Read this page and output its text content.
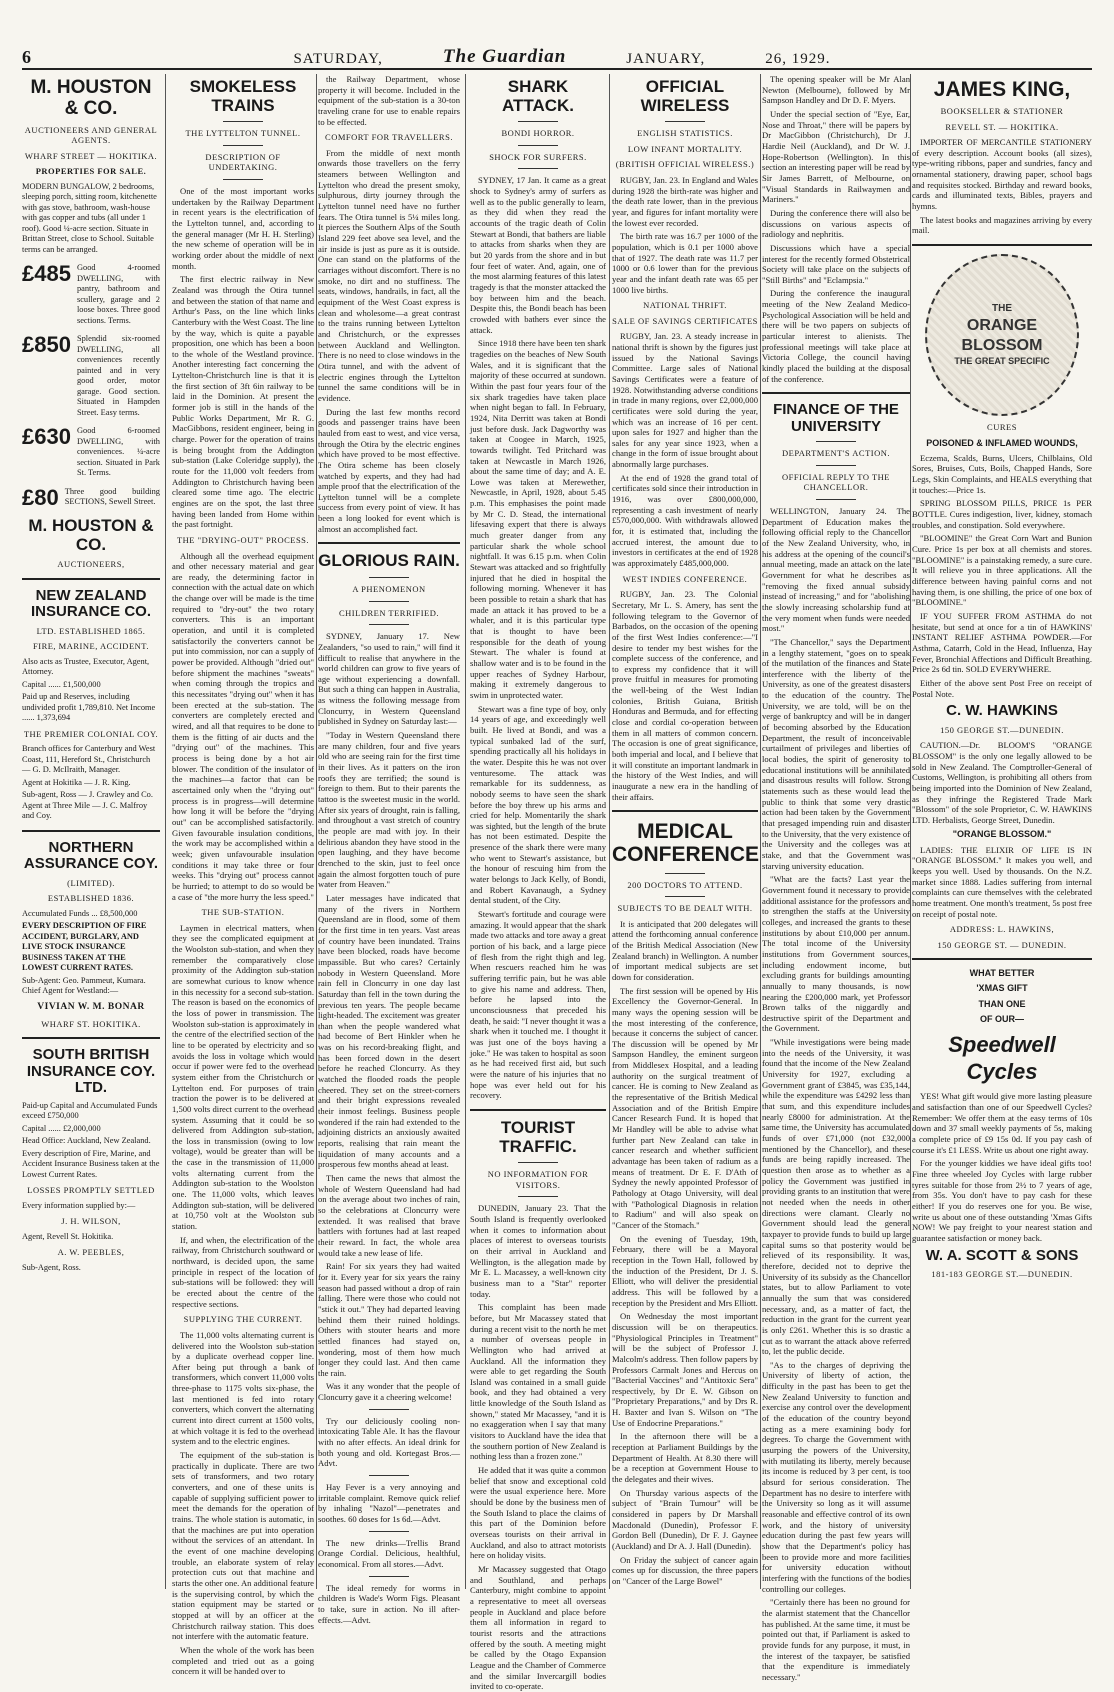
6	SATURDAY,	The Guardian	JANUARY,	26, 1929.
M. HOUSTON & CO.
AUCTIONEERS AND GENERAL AGENTS.
WHARF STREET — HOKITIKA.
PROPERTIES FOR SALE.
MODERN BUNGALOW, 2 bedrooms, sleeping porch, sitting room, kitchenette with gas stove, bathroom, wash-house with gas copper and tubs (all under 1 roof). Good ¼-acre section. Situate in Brittan Street, close to School. Suitable terms can be arranged.
£485 Good 4-roomed DWELLING, with pantry, bathroom and scullery, garage and 2 loose boxes. Three good sections. Terms.
£850 Splendid six-roomed DWELLING, all conveniences recently painted and in very good order, motor garage. Good section. Situated in Hampden Street. Easy terms.
£630 Good 6-roomed DWELLING, with conveniences. ¼-acre section. Situated in Park St. Terms.
£80 Three good building SECTIONS, Sewell Street.
M. HOUSTON & CO.
AUCTIONEERS,
NEW ZEALAND INSURANCE CO.
LTD. ESTABLISHED 1865.
FIRE, MARINE, ACCIDENT.
Also acts as Trustee, Executor, Agent, Attorney.
Capital ...... £1,500,000
Paid up and Reserves, including undivided profit 1,789,810. Net Income ...... 1,373,694
THE PREMIER COLONIAL COY.
Branch offices for Canterbury and West Coast, 111, Hereford St., Christchurch — G. D. McIlraith, Manager.
Agent at Hokitika — J. R. King.
Sub-agent, Ross — J. Crawley and Co. Agent at Three Mile — J. C. Malfroy and Coy.
NORTHERN ASSURANCE COY.
(LIMITED).
ESTABLISHED 1836.
Accumulated Funds ... £8,500,000
EVERY DESCRIPTION OF FIRE ACCIDENT, BURGLARY, AND LIVE STOCK INSURANCE BUSINESS TAKEN AT THE LOWEST CURRENT RATES.
Sub-Agent: Geo. Pammeut, Kumara. Chief Agent for Westland:—
VIVIAN W. M. BONAR
WHARF ST. HOKITIKA.
SOUTH BRITISH INSURANCE COY. LTD.
Paid-up Capital and Accumulated Funds exceed £750,000
Capital ...... £2,000,000
Head Office: Auckland, New Zealand.
Every description of Fire, Marine, and Accident Insurance Business taken at the Lowest Current Rates.
LOSSES PROMPTLY SETTLED
Every information supplied by:—
J. H. WILSON,
Agent, Revell St. Hokitika.
A. W. PEEBLES,
Sub-Agent, Ross.
SMOKELESS TRAINS
THE LYTTELTON TUNNEL.
DESCRIPTION OF UNDERTAKING.

One of the most important works undertaken by the Railway Department in recent years is the electrification of the Lyttelton tunnel, and, according to the general manager (Mr H. H. Sterling) the new scheme of operation will be in working order about the middle of next month.

The first electric railway in New Zealand was through the Otira tunnel and between the station of that name and Arthur's Pass, on the line which links Canterbury with the West Coast. The line by the way, which is quite a payable proposition, one which has been a boon to the whole of the Westland province. Another interesting fact concerning the Lyttelton-Christchurch line is that it is the first section of 3ft 6in railway to be laid in the Dominion. At present the former job is still in the hands of the Public Works Department, Mr R. G. MacGibbons, resident engineer, being in charge. Power for the operation of trains is being brought from the Addington sub-station (Lake Coleridge supply), the route for the 11,000 volt feeders from Addington to Christchurch having been cleared some time ago. The electric engines are on the spot, the last three having been landed from Home within the past fortnight.

THE "DRYING-OUT" PROCESS.

Although all the overhead equipment and other necessary material and gear are ready, the determining factor in connection with the actual date on which the change over will be made is the time required to "dry-out" the two rotary converters. This is an important operation, and until it is completed satisfactorily the converters cannot be put into commission, nor can a supply of power be provided. Although "dried out" before shipment the machines "sweats" when coming through the tropics and this necessitates "drying out" when it has been erected at the sub-station. The converters are completely erected and wired, and all that requires to be done to them is the fitting of air ducts and the "drying out" of the machines. This process is being done by a hot air blower. The condition of the insulator of the machines—a factor that can be ascertained only when the "drying out" process is in progress—will determine how long it will be before the "drying out" can be accomplished satisfactorily. Given favourable insulation conditions, the work may be accomplished within a week; given unfavourable insulation conditions it may take three or four weeks. This "drying out" process cannot be hurried; to attempt to do so would be a case of "the more hurry the less speed."

THE SUB-STATION.

Laymen in electrical matters, when they see the complicated equipment at the Woolston sub-station, and when they remember the comparatively close proximity of the Addington sub-station are somewhat curious to know whence in this necessity for a second sub-station. The reason is based on the economics of the loss of power in transmission. The Woolston sub-station is approximately in the centre of the electrified section of the line to be operated by electricity and so avoids the loss in voltage which would occur if power were fed to the overhead system either from the Christchurch or Lyttelton end. For purposes of train traction the power is to be delivered at 1,500 volts direct current to the overhead system. Assuming that it could be so delivered from Addington sub-station, the loss in transmission (owing to low voltage), would be greater than will be the case in the transmission of 11,000 volts alternating current from the Addington sub-station to the Woolston one. The 11,000 volts, which leaves Addington sub-station, will be delivered at 10,750 volt at the Woolston sub station.

If, and when, the electrification of the railway, from Christchurch southward or northward, is decided upon, the same principle in respect of the location of sub-stations will be followed: they will be erected about the centre of the respective sections.

SUPPLYING THE CURRENT.

The 11,000 volts alternating current is delivered into the Woolston sub-station by a duplicate overhead copper line. After being put through a bank of transformers, which convert 11,000 volts three-phase to 1175 volts six-phase, the last mentioned is fed into rotary converters, which convert the alternating current into direct current at 1500 volts, at which voltage it is fed to the overhead system and to the electric engines.

The equipment of the sub-station is practically in duplicate. There are two sets of transformers, and two rotary converters, and one of these units is capable of supplying sufficient power to meet the demands for the operation of trains. The whole station is automatic, in that the machines are put into operation without the services of an attendant. In the event of one machine developing trouble, an elaborate system of relay protection cuts out that machine and starts the other one. An additional feature is the supervising control, by which the station equipment may be started or stopped at will by an officer at the Christchurch railway station. This does not interfere with the automatic feature.

When the whole of the work has been completed and tried out as a going concern it will be handed over to

the Railway Department, whose property it will become. Included in the equipment of the sub-station is a 30-ton traveling crane for use to enable repairs to be effected.

COMFORT FOR TRAVELLERS.

From the middle of next month onwards those travellers on the ferry steamers between Wellington and Lyttelton who dread the present smoky, sulphurous, dirty journey through the Lyttelton tunnel need have no further fears. The Otira tunnel is 5¼ miles long. It pierces the Southern Alps of the South Island 229 feet above sea level, and the air inside is just as pure as it is outside. One can stand on the platforms of the carriages without discomfort. There is no smoke, no dirt and no stuffiness. The seats, windows, handrails, in fact, all the equipment of the West Coast express is clean and wholesome—a great contrast to the trains running between Lyttelton and Christchurch, or the expresses between Auckland and Wellington. There is no need to close windows in the Otira tunnel, and with the advent of electric engines through the Lyttelton tunnel the same conditions will be in evidence.

During the last few months record goods and passenger trains have been hauled from east to west, and vice versa, through the Otira by the electric engines which have proved to be most effective. The Otira scheme has been closely watched by experts, and they had had ample proof that the electrification of the Lyttelton tunnel will be a complete success from every point of view. It has been a long looked for event which is almost an accomplished fact.

GLORIOUS RAIN.
A PHENOMENON
CHILDREN TERRIFIED.

SYDNEY, January 17. New Zealanders, "so used to rain," will find it difficult to realise that anywhere in the world children can grow to five years of age without experiencing a downfall. But such a thing can happen in Australia, as witness the following message from Cloncurry, in Western Queensland published in Sydney on Saturday last:—

"Today in Western Queensland there are many children, four and five years old who are seeing rain for the first time in their lives. As it patters on the iron roofs they are terrified; the sound is foreign to them. But to their parents the tattoo is the sweetest music in the world. After six years of drought, rain is falling, and throughout a vast stretch of country the people are mad with joy. In their delirious abandon they have stood in the open laughing, and they have become drenched to the skin, just to feel once again the almost forgotten touch of pure water from Heaven."

Later messages have indicated that many of the rivers in Northern Queensland are in flood, some of them for the first time in ten years. Vast areas of country have been inundated. Trains have been blocked, roads have become impassible. But who cares? Certainly nobody in Western Queensland. More rain fell in Cloncurry in one day last Saturday than fell in the town during the previous ten years. The people became light-headed. The excitement was greater than when the people wandered what had become of Bert Hinkler when he was on his record-breaking flight, and has been forced down in the desert before he reached Cloncurry. As they watched the flooded roads the people cheered. They set on the street-corners and their bright expressions revealed their inmost feelings. Business people wondered if the rain had extended to the adjoining districts an anxiously awaited reports, realising that rain meant the liquidation of many accounts and a prosperous few months ahead at least.

Then came the news that almost the whole of Western Queensland had had on the average about two inches of rain, so the celebrations at Cloncurry were extended. It was realised that brave battlers with fortunes had at last reaped their reward. In fact, the whole area would take a new lease of life.

Rain! For six years they had waited for it. Every year for six years the rainy season had passed without a drop of rain falling. There were those who could not "stick it out." They had departed leaving behind them their ruined holdings. Others with stouter hearts and more settled finances had stayed on, wondering, most of them how much longer they could last. And then came the rain.

Was it any wonder that the people of Cloncurry gave it a cheering welcome!

Try our deliciously cooling non-intoxicating Table Ale. It has the flavour with no after effects. An ideal drink for both young and old. Kortegast Bros.—Advt.

Hay Fever is a very annoying and irritable complaint. Remove quick relief by inhaling "Nazol"—penetrates and soothes. 60 doses for 1s 6d.—Advt.

The new drinks—Trellis Brand Orange Cordial. Delicious, healthful, economical. From all stores.—Advt.

The ideal remedy for worms in children is Wade's Worm Figs. Pleasant to take, sure in action. No ill after-effects.—Advt.

SHARK ATTACK.
BONDI HORROR.
SHOCK FOR SURFERS.

SYDNEY, 17 Jan. It came as a great shock to Sydney's army of surfers as well as to the public generally to learn, as they did when they read the accounts of the tragic death of Colin Stewart at Bondi, that bathers are liable to attacks from sharks when they are but 20 yards from the shore and in but four feet of water. And, again, one of the most alarming features of this latest tragedy is that the monster attacked the boy between him and the beach. Despite this, the Bondi beach has been crowded with bathers ever since the attack.

Since 1918 there have been ten shark tragedies on the beaches of New South Wales, and it is significant that the majority of these occurred at sundown. Within the past four years four of the six shark tragedies have taken place when night began to fall. In February, 1924, Nita Derritt was taken at Bondi just before dusk. Jack Dagworthy was taken at Coogee in March, 1925, towards twilight. Ted Pritchard was taken at Newcastle in March 1926, about the same time of day; and A. E. Lowe was taken at Merewether, Newcastle, in April, 1928, about 5.45 p.m. This emphasises the point made by Mr C. D. Stead, the international lifesaving expert that there is always much greater danger from any particular shark the whole school nightfall. It was 6.15 p.m. when Colin Stewart was attacked and so frightfully injured that he died in hospital the following morning. Whenever it has been possible to retain a shark that has made an attack it has proved to be a whaler, and it is this particular type that is thought to have been responsible for the death of young Stewart. The whaler is found at shallow water and is to be found in the upper reaches of Sydney Harbour, making it extremely dangerous to swim in unprotected water.

Stewart was a fine type of boy, only 14 years of age, and exceedingly well built. He lived at Bondi, and was a typical sunbaked lad of the surf, spending practically all his holidays in the water. Despite this he was not over venturesome. The attack was remarkable for its suddenness, as nobody seems to have seen the shark before the boy threw up his arms and cried for help. Momentarily the shark was sighted, but the length of the brute has not been estimated. Despite the presence of the shark there were many who went to Stewart's assistance, but the honour of rescuing him from the water belongs to Jack Kelly, of Bondi, and Robert Kavanaugh, a Sydney dental student, of the City.

Stewart's fortitude and courage were amazing. It would appear that the shark made two attacks and tore away a great portion of his back, and a large piece of flesh from the right thigh and leg. When rescuers reached him he was suffering terrific pain, but he was able to give his name and address. Then, before he lapsed into the unconsciousness that preceded his death, he said: "I never thought it was a shark when it touched me. I thought it was just one of the boys having a joke." He was taken to hospital as soon as he had received first aid, but such were the nature of his injuries that no hope was ever held out for his recovery.

TOURIST TRAFFIC.
NO INFORMATION FOR VISITORS.

DUNEDIN, January 23. That the South Island is frequently overlooked when it comes to information about places of interest to overseas tourists on their arrival in Auckland and Wellington, is the allegation made by Mr E. L. Macassey, a well-known city business man to a "Star" reporter today.

This complaint has been made before, but Mr Macassey stated that during a recent visit to the north he met a number of overseas people in Wellington who had arrived at Auckland. All the information they were able to get regarding the South Island was contained in a small guide book, and they had obtained a very little knowledge of the South Island as shown," stated Mr Macassey, "and it is no exaggeration when I say that many visitors to Auckland have the idea that the southern portion of New Zealand is nothing less than a frozen zone."

He added that it was quite a common belief that snow and exceptional cold were the usual experience here. More should be done by the business men of the South Island to place the claims of this part of the Dominion before overseas tourists on their arrival in Auckland, and also to attract motorists here on holiday visits.

Mr Macassey suggested that Otago and Southland, and perhaps Canterbury, might combine to appoint a representative to meet all overseas people in Auckland and place before them all information in regard to tourist resorts and the attractions offered by the south. A meeting might be called by the Otago Expansion League and the Chamber of Commerce and the similar Invercargill bodies invited to co-operate.

OFFICIAL WIRELESS
ENGLISH STATISTICS.
LOW INFANT MORTALITY.
(BRITISH OFFICIAL WIRELESS.)

RUGBY, Jan. 23. In England and Wales during 1928 the birth-rate was higher and the death rate lower, than in the previous year, and figures for infant mortality were the lowest ever recorded.

The birth rate was 16.7 per 1000 of the population, which is 0.1 per 1000 above that of 1927. The death rate was 11.7 per 1000 or 0.6 lower than for the previous year and the infant death rate was 65 per 1000 live births.

NATIONAL THRIFT.
SALE OF SAVINGS CERTIFICATES

RUGBY, Jan. 23. A steady increase in national thrift is shown by the figures just issued by the National Savings Committee. Large sales of National Savings Certificates were a feature of 1928. Notwithstanding adverse conditions in trade in many regions, over £2,000,000 certificates were sold during the year, which was an increase of 16 per cent. upon sales for 1927 and higher than the sales for any year since 1923, when a change in the form of issue brought about abnormally large purchases.

At the end of 1928 the grand total of certificates sold since their introduction in 1916, was over £800,000,000, representing a cash investment of nearly £570,000,000. With withdrawals allowed for, it is estimated that, including the accrued interest, the amount due to investors in certificates at the end of 1928 was approximately £485,000,000.

WEST INDIES CONFERENCE.

RUGBY, Jan. 23. The Colonial Secretary, Mr L. S. Amery, has sent the following telegram to the Governor of Barbados, on the occasion of the opening of the first West Indies conference:—"I desire to tender my best wishes for the complete success of the conference, and to express my confidence that it will prove fruitful in measures for promoting the well-being of the West Indian colonies, British Guiana, British Honduras and Bermuda, and for effecting close and cordial co-operation between them in all matters of common concern. The occasion is one of great significance, both imperial and local, and I believe that it will constitute an important landmark in the history of the West Indies, and will inaugurate a new era in the handling of their affairs.

MEDICAL CONFERENCE
200 DOCTORS TO ATTEND.
SUBJECTS TO BE DEALT WITH.

It is anticipated that 200 delegates will attend the forthcoming annual conference of the British Medical Association (New Zealand branch) in Wellington. A number of important medical subjects are set down for consideration.

The first session will be opened by His Excellency the Governor-General. In many ways the opening session will be the most interesting of the conference, because it concerns the subject of cancer. The discussion will be opened by Mr Sampson Handley, the eminent surgeon from Middlesex Hospital, and a leading authority on the surgical treatment of cancer. He is coming to New Zealand as the representative of the British Medical Association and of the British Empire Cancer Research Fund. It is hoped that Mr Handley will be able to advise what further part New Zealand can take in cancer research and whether sufficient advantage has been taken of radium as a means of treatment. Dr E. F. D'Ath of Sydney the newly appointed Professor of Pathology at Otago University, will deal with "Pathological Diagnosis in relation to Radium" and will also speak on "Cancer of the Stomach."

On the evening of Tuesday, 19th, February, there will be a Mayoral reception in the Town Hall, followed by the induction of the President, Dr J. S. Elliott, who will deliver the presidential address. This will be followed by a reception by the President and Mrs Elliott.

On Wednesday the most important discussion will be on therapeutics. "Physiological Principles in Treatment" will be the subject of Professor J. Malcolm's address. Then follow papers by Professors Carmalt Jones and Hercus on "Bacterial Vaccines" and "Antitoxic Sera" respectively, by Dr E. W. Gibson on "Proprietary Preparations," and by Drs R. H. Baxter and Ivan S. Wilson on "The Use of Endocrine Preparations."

In the afternoon there will be a reception at Parliament Buildings by the Department of Health. At 8.30 there will be a reception at Government House to the delegates and their wives.

On Thursday various aspects of the subject of "Brain Tumour" will be considered in papers by Dr Marshall Macdonald (Dunedin), Professor F. Gordon Bell (Dunedin), Dr F. J. Gaynee (Auckland) and Dr A. J. Hall (Dunedin).

On Friday the subject of cancer again comes up for discussion, the three papers on "Cancer of the Large Bowel"

The opening speaker will be Mr Alan Newton (Melbourne), followed by Mr Sampson Handley and Dr D. F. Myers.

Under the special section of "Eye, Ear, Nose and Throat," there will be papers by Dr MacGibbon (Christchurch), Dr J. Hardie Neil (Auckland), and Dr W. J. Hope-Robertson (Wellington). In this section an interesting paper will be read by Sir James Barrett, of Melbourne, on "Visual Standards in Railwaymen and Mariners."

During the conference there will also be discussions on various aspects of radiology and nephritis.

Discussions which have a special interest for the recently formed Obstetrical Society will take place on the subjects of "Still Births" and "Eclampsia."

During the conference the inaugural meeting of the New Zealand Medico-Psychological Association will be held and there will be two papers on subjects of particular interest to alienists. The professional meetings will take place at Victoria College, the council having kindly placed the building at the disposal of the conference.

FINANCE OF THE UNIVERSITY
DEPARTMENT'S ACTION.
OFFICIAL REPLY TO THE CHANCELLOR.

WELLINGTON, January 24. The Department of Education makes the following official reply to the Chancellor of the New Zealand University, who, in his address at the opening of the council's annual meeting, made an attack on the late Government for what he describes as "removing the fixed annual subsidy instead of increasing," and for "abolishing the slowly increasing scholarship fund at the very moment when funds were needed most."

"The Chancellor," says the Department in a lengthy statement, "goes on to speak of the mutilation of the finances and State interference with the liberty of the University, as one of the greatest disasters to the education of the country. The University, we are told, will be on the verge of bankruptcy and will be in danger of becoming absorbed by the Education Department, the result of inconceivable curtailment of privileges and liberties of local bodies, the spirit of generosity to educational institutions will be annihilated and disastrous results will follow. Strong statements such as these would lead the public to think that some very drastic action had been taken by the Government that presaged impending ruin and disaster to the University, that the very existence of the University and the colleges was at stake, and that the Government was starving university education.

"What are the facts? Last year the Government found it necessary to provide additional assistance for the professors and to strengthen the staffs at the University colleges, and increased the grants to these institutions by about £10,000 per annum. The total income of the University institutions from Government sources, including endowment income, but excluding grants for buildings amounting annually to many thousands, is now nearing the £200,000 mark, yet Professor Brown talks of the niggardly and destructive spirit of the Department and the Government.

"While investigations were being made into the needs of the University, it was found that the income of the New Zealand University for 1927, excluding a Government grant of £3845, was £35,144, while the expenditure was £4292 less than that sum, and this expenditure includes nearly £8000 for administration. At the same time, the University has accumulated funds of over £71,000 (not £32,000 mentioned by the Chancellor), and these funds are being rapidly increased. The question then arose as to whether as a policy the Government was justified in providing grants to an institution that were not needed when the needs in other directions were clamant. Clearly no Government should lead the general taxpayer to provide funds to build up large capital sums so that posterity would be relieved of its responsibility. It was, therefore, decided not to deprive the University of its subsidy as the Chancellor states, but to allow Parliament to vote annually the sum that was considered necessary, and, as a matter of fact, the reduction in the grant for the current year is only £261. Whether this is so drastic a cut as to warrant the attack above referred to, let the public decide.

"As to the charges of depriving the University of liberty of action, the difficulty in the past has been to get the New Zealand University to function and exercise any control over the development of the education of the country beyond acting as a mere examining body for degrees. To charge the Government with usurping the powers of the University, with mutilating its liberty, merely because its income is reduced by 3 per cent, is too absurd for serious consideration. The Department has no desire to interfere with the University so long as it will assume reasonable and effective control of its own work, and the history of university education during the past few years will show that the Department's policy has been to provide more and more facilities for university education without interfering with the functions of the bodies controlling our colleges.

"Certainly there has been no ground for the alarmist statement that the Chancellor has published. At the same time, it must be pointed out that, if Parliament is asked to provide funds for any purpose, it must, in the interest of the taxpayer, be satisfied that the expenditure is immediately necessary."

JAMES KING,
BOOKSELLER & STATIONER
REVELL ST. — HOKITIKA.

IMPORTER OF MERCANTILE STATIONERY of every description. Account books (all sizes), type-writing ribbons, paper and sundries, fancy and ornamental stationery, drawing paper, school bags and requisites stocked. Birthday and reward books, cards and illuminated texts, Bibles, prayers and hymns.

The latest books and magazines arriving by every mail.

THE
ORANGE BLOSSOM
THE GREAT SPECIFIC
CURES
POISONED & INFLAMED WOUNDS,

Eczema, Scalds, Burns, Ulcers, Chilblains, Old Sores, Bruises, Cuts, Boils, Chapped Hands, Sore Legs, Skin Complaints, and HEALS everything that it touches:—Price 1s.

SPRING BLOSSOM PILLS, PRICE 1s PER BOTTLE. Cures indigestion, liver, kidney, stomach troubles, and constipation. Sold everywhere.

"BLOOMINE" the Great Corn Wart and Bunion Cure. Price 1s per box at all chemists and stores. "BLOOMINE" is a painstaking remedy, a sure cure. It will relieve you in three applications. All the difference between having painful corns and not having them, is one shilling, the price of one box of "BLOOMINE."

IF YOU SUFFER FROM ASTHMA do not hesitate, but send at once for a tin of HAWKINS' INSTANT RELIEF ASTHMA POWDER.—For Asthma, Catarrh, Cold in the Head, Influenza, Hay Fever, Bronchial Affections and Difficult Breathing. Price 2s 6d tin. SOLD EVERYWHERE.

Either of the above sent Post Free on receipt of Postal Note.

C. W. HAWKINS
150 GEORGE ST.—DUNEDIN.

CAUTION.—Dr. BLOOM'S "ORANGE BLOSSOM" is the only one legally allowed to be sold in New Zealand. The Comptroller-General of Customs, Wellington, is prohibiting all others from being imported into the Dominion of New Zealand, as they infringe the Registered Trade Mark "Blossom" of the sole Proprietor, C. W. HAWKINS LTD. Herbalists, George Street, Dunedin.

"ORANGE BLOSSOM."

LADIES: THE ELIXIR OF LIFE IS IN "ORANGE BLOSSOM." It makes you well, and keeps you well. Used by thousands. On the N.Z. market since 1888. Ladies suffering from internal complaints can cure themselves with the celebrated home treatment. One month's treatment, 5s post free on receipt of postal note.

ADDRESS: L. HAWKINS,
150 GEORGE ST. — DUNEDIN.
WHAT BETTER
'XMAS GIFT
THAN ONE
OF OUR—
Speedwell Cycles

YES! What gift would give more lasting pleasure and satisfaction than one of our Speedwell Cycles? Remember: We offer them at the easy terms of 10s down and 37 small weekly payments of 5s, making a complete price of £9 15s 0d. If you pay cash of course it's £1 LESS. Write us about one right away.

For the younger kiddies we have ideal gifts too! Fine three wheeled Joy Cycles with large rubber tyres suitable for those from 2½ to 7 years of age, from 35s. You don't have to pay cash for these either! If you do reserves one for you. Be wise, write us about one of these outstanding 'Xmas Gifts NOW! We pay freight to your nearest station and guarantee satisfaction or money back.

W. A. SCOTT & SONS
181-183 GEORGE ST.—DUNEDIN.
